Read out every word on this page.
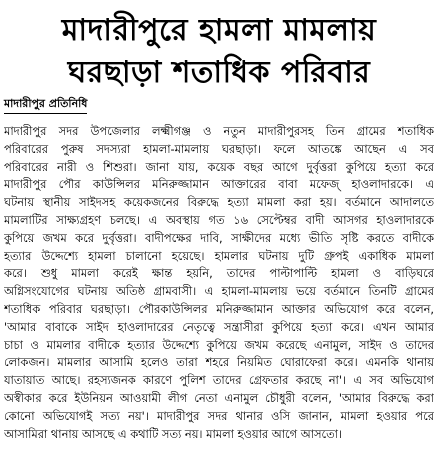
মাদারীপুরে হামলা মামলায়
ঘরছাড়া শতাধিক পরিবার
মাদারীপুর প্রতিনিধি
মাদারীপুর সদর উপজেলার লক্ষ্মীগঞ্জ ও নতুন মাদারীপুরসহ তিন গ্রামের শতাধিক
পরিবারের পুরুষ সদস্যরা হামলা-মামলায় ঘরছাড়া। ফলে আতঙ্কে আছেন এ সব
পরিবারের নারী ও শিশুরা। জানা যায়, কয়েক বছর আগে দুর্বৃত্তরা কুপিয়ে হত্যা করে
মাদারীপুর পৌর কাউন্সিলর মনিরুজ্জামান আক্তারের বাবা মফেজ্ হাওলাদারকে। এ
ঘটনায় স্থানীয় সাইদসহ কয়েকজনের বিরুদ্ধে হত্যা মামলা করা হয়। বর্তমানে আদালতে
মামলাটির সাক্ষ্যগ্রহণ চলছে। এ অবস্থায় গত ১৬ সেপ্টেম্বর বাদী আসগর হাওলাদারকে
কুপিয়ে জখম করে দুর্বৃত্তরা। বাদীপক্ষের দাবি, সাক্ষীদের মধ্যে ভীতি সৃষ্টি করতে বাদীকে
হত্যার উদ্দেশ্যে হামলা চালানো হয়েছে। হামলার ঘটনায় দুটি গ্রুপই একাধিক মামলা
করে। শুধু মামলা করেই ক্ষান্ত হয়নি, তাদের পাল্টাপাল্টি হামলা ও বাড়িঘরে
অগ্নিসংযোগের ঘটনায় অতিষ্ঠ গ্রামবাসী। এ হামলা-মামলায় ভয়ে বর্তমানে তিনটি গ্রামের
শতাধিক পরিবার ঘরছাড়া। পৌরকাউন্সিলর মনিরুজ্জামান আক্তার অভিযোগ করে বলেন,
'আমার বাবাকে সাইদ হাওলাদারের নেতৃত্বে সন্ত্রাসীরা কুপিয়ে হত্যা করে। এখন আমার
চাচা ও মামলার বাদীকে হত্যার উদ্দেশ্যে কুপিয়ে জখম করেছে এনামুল, সাইদ ও তাদের
লোকজন। মামলার আসামি হলেও তারা শহরে নিয়মিত ঘোরাফেরা করে। এমনকি থানায়
যাতায়াত আছে। রহস্যজনক কারণে পুলিশ তাদের গ্রেফতার করছে না'। এ সব অভিযোগ
অস্বীকার করে ইউনিয়ন আওয়ামী লীগ নেতা এনামুল চৌধুরী বলেন, 'আমার বিরুদ্ধে করা
কোনো অভিযোগই সত্য নয়'। মাদারীপুর সদর থানার ওসি জানান, মামলা হওয়ার পরে
আসামিরা থানায় আসছে এ কথাটি সত্য নয়। মামলা হওয়ার আগে আসতো।
